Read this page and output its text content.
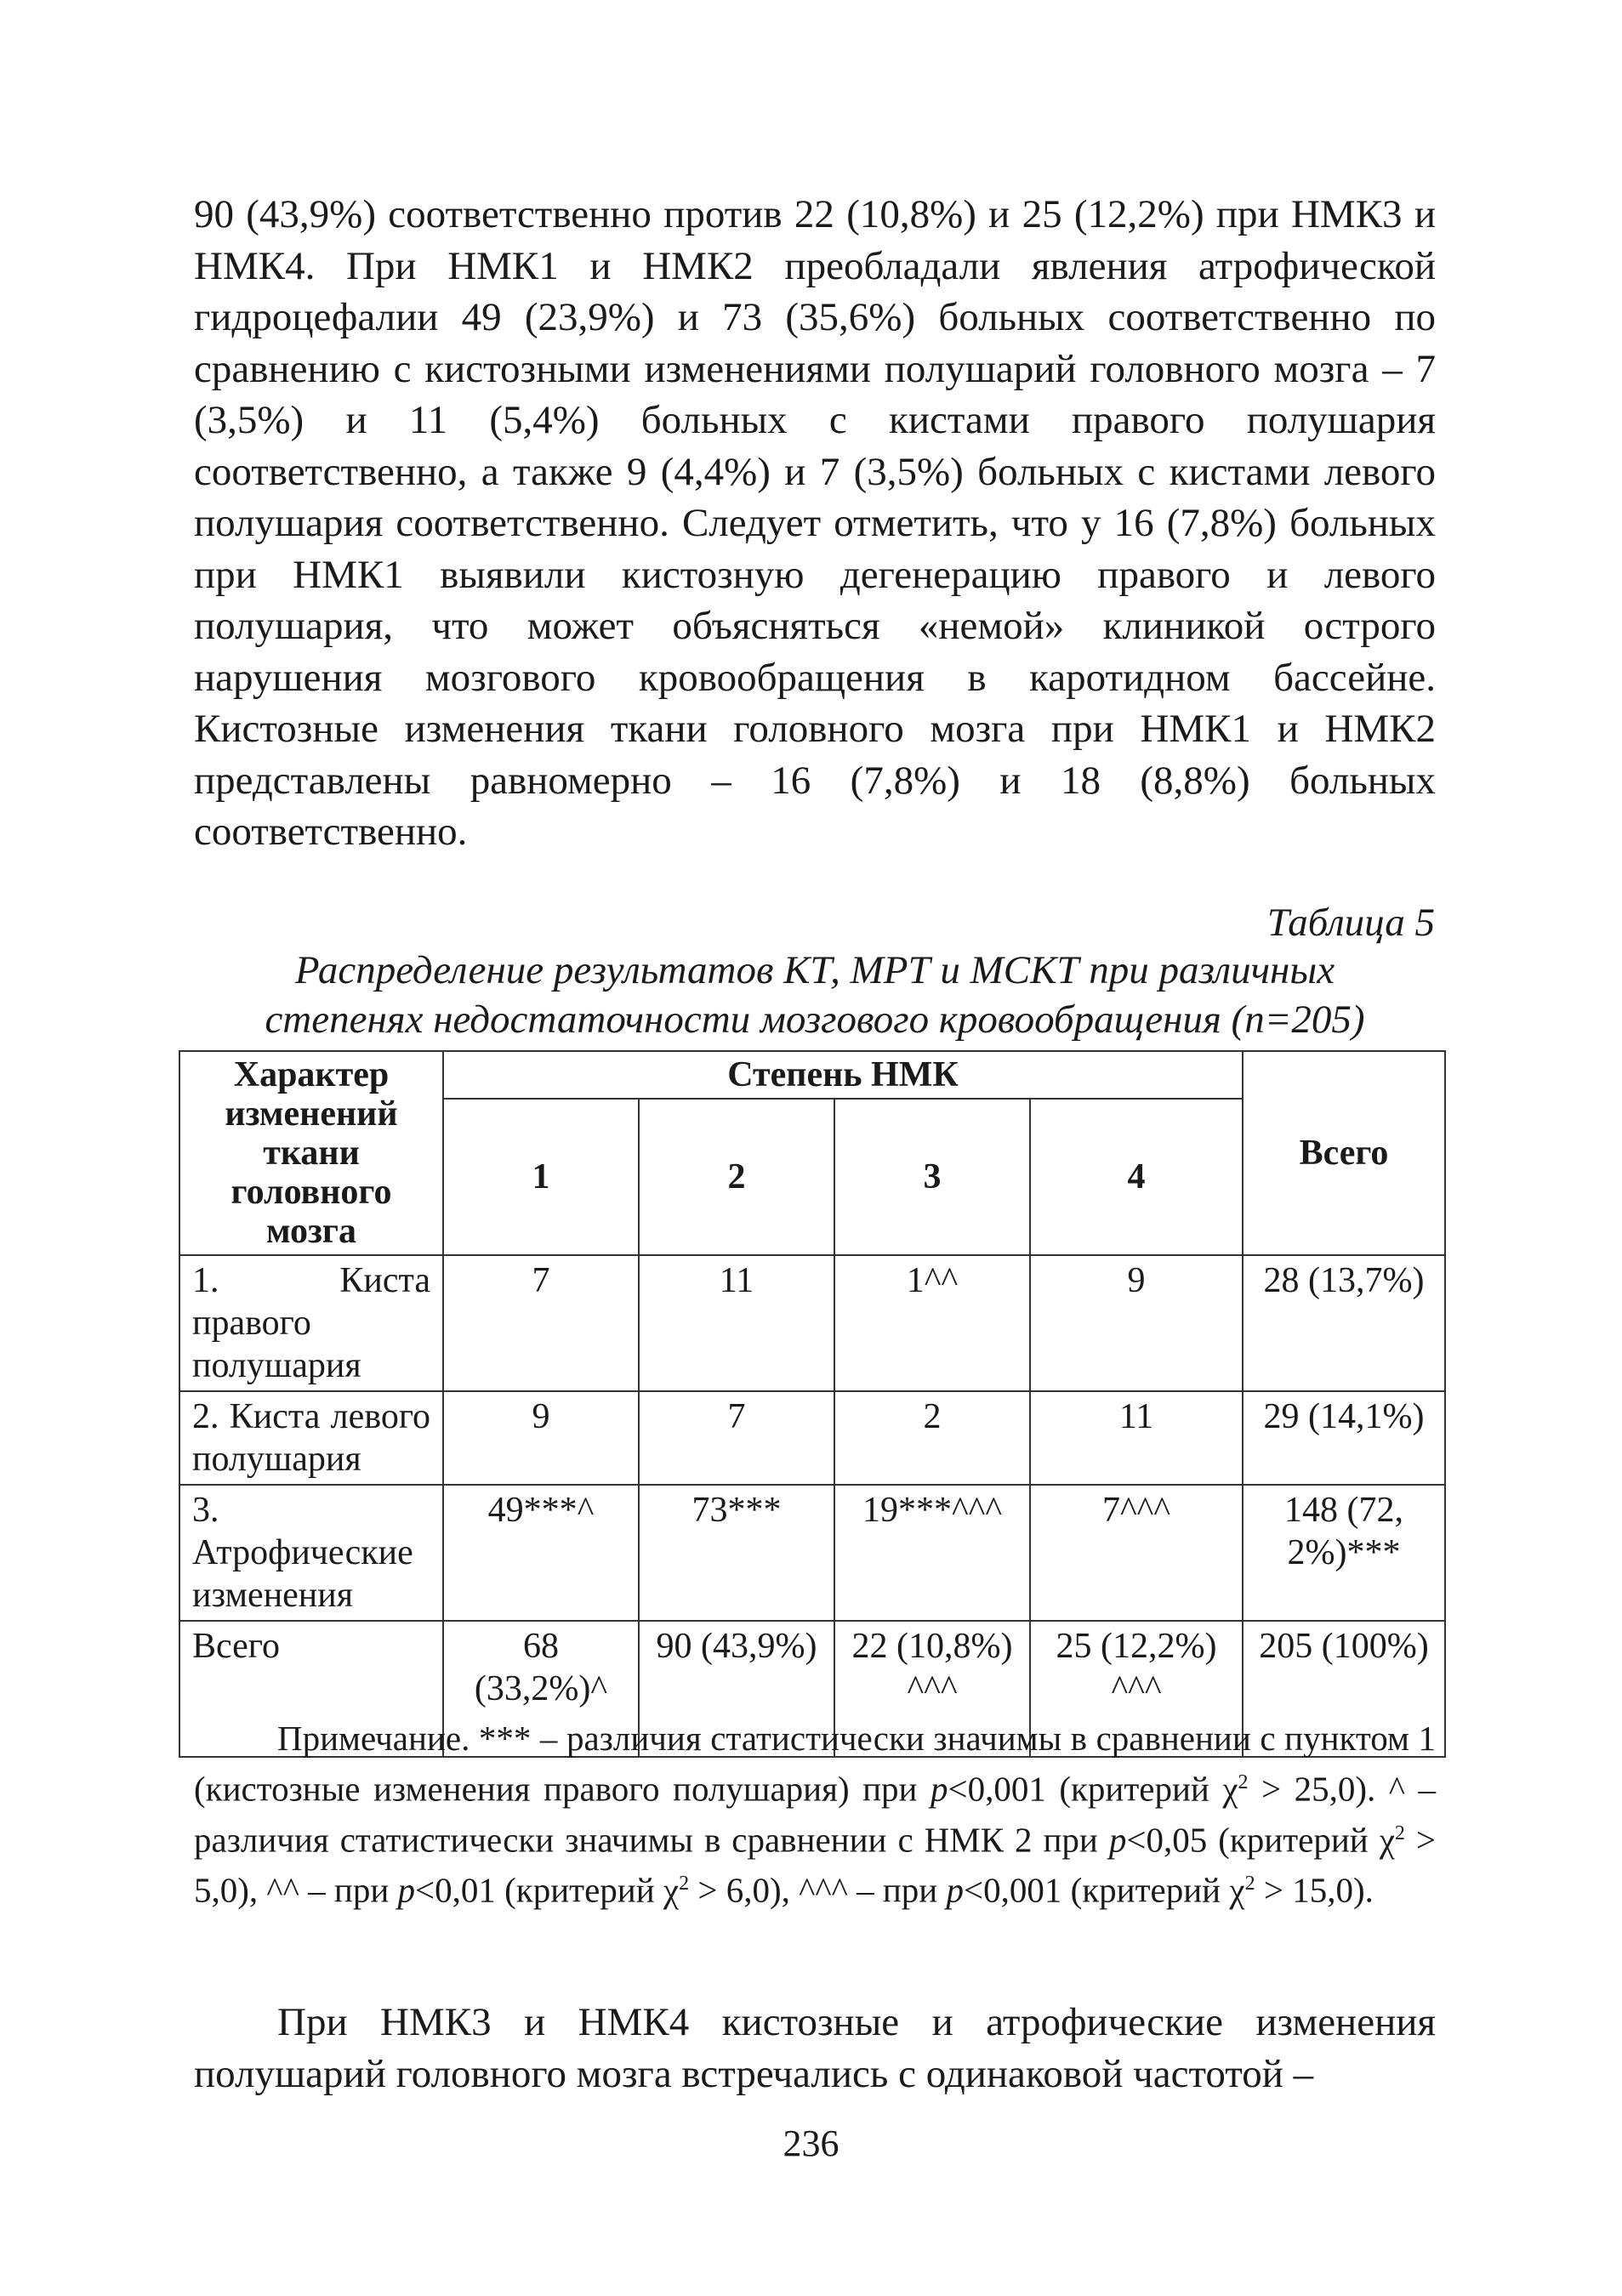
90 (43,9%) соответственно против 22 (10,8%) и 25 (12,2%) при НМК3 и НМК4. При НМК1 и НМК2 преобладали явления атрофической гидроцефалии 49 (23,9%) и 73 (35,6%) больных соответственно по сравнению с кистозными изменениями полушарий головного мозга – 7 (3,5%) и 11 (5,4%) больных с кистами правого полушария соответственно, а также 9 (4,4%) и 7 (3,5%) больных с кистами левого полушария соответственно. Следует отметить, что у 16 (7,8%) больных при НМК1 выявили кистозную дегенерацию правого и левого полушария, что может объясняться «немой» клиникой острого нарушения мозгового кровообращения в каротидном бассейне. Кистозные изменения ткани головного мозга при НМК1 и НМК2 представлены равномерно – 16 (7,8%) и 18 (8,8%) больных соответственно.

Таблица 5
Распределение результатов КТ, МРТ и МСКТ при различных
степенях недостаточности мозгового кровообращения (n=205)
Характер изменений ткани головного мозга	Степень НМК				Всего
	1	2	3	4	
1. Киста правого полушария	7	11	1^^	9	28 (13,7%)
2. Киста левого полушария	9	7	2	11	29 (14,1%)
3. Атрофические изменения	49***^	73***	19***^^^	7^^^	148 (72,2%)***
Всего	68 (33,2%)^	90 (43,9%)	22 (10,8%) ^^^	25 (12,2%) ^^^	205 (100%)
Примечание. *** – различия статистически значимы в сравнении с пунктом 1 (кистозные изменения правого полушария) при p<0,001 (критерий $\chi^2 > 25,0$). ^ – различия статистически значимы в сравнении с НМК 2 при p<0,05 (критерий $\chi^2 > 5,0$), ^^ – при p<0,01 (критерий $\chi^2 > 6,0$), ^^^ – при p<0,001 (критерий $\chi^2 > 15,0$).

При НМК3 и НМК4 кистозные и атрофические изменения полушарий головного мозга встречались с одинаковой частотой –

236
